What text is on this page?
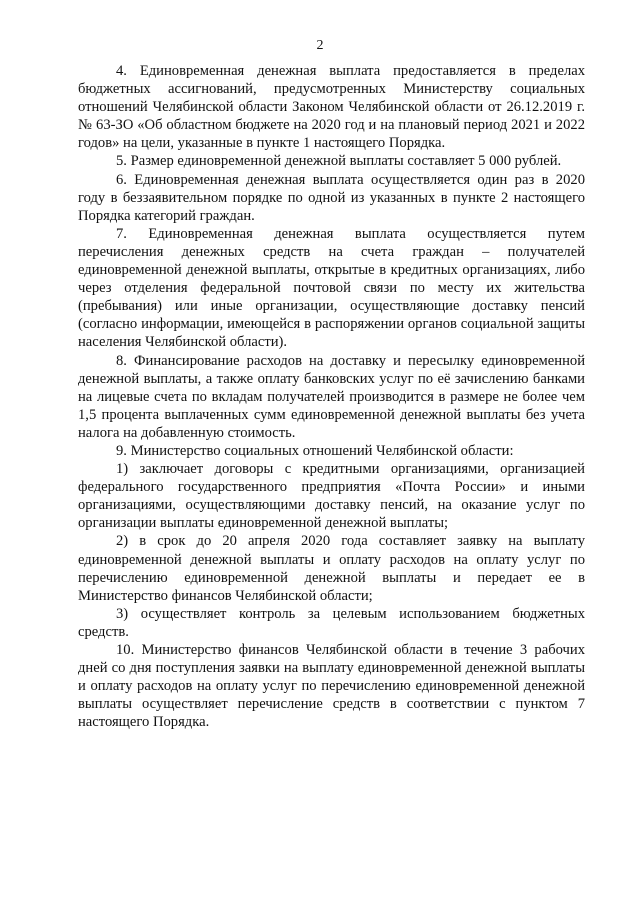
2

4. Единовременная денежная выплата предоставляется в пределах бюджетных ассигнований, предусмотренных Министерству социальных отношений Челябинской области Законом Челябинской области от 26.12.2019 г. № 63-ЗО «Об областном бюджете на 2020 год и на плановый период 2021 и 2022 годов» на цели, указанные в пункте 1 настоящего Порядка.

5. Размер единовременной денежной выплаты составляет 5 000 рублей.

6. Единовременная денежная выплата осуществляется один раз в 2020 году в беззаявительном порядке по одной из указанных в пункте 2 настоящего Порядка категорий граждан.

7. Единовременная денежная выплата осуществляется путем перечисления денежных средств на счета граждан – получателей единовременной денежной выплаты, открытые в кредитных организациях, либо через отделения федеральной почтовой связи по месту их жительства (пребывания) или иные организации, осуществляющие доставку пенсий (согласно информации, имеющейся в распоряжении органов социальной защиты населения Челябинской области).

8. Финансирование расходов на доставку и пересылку единовременной денежной выплаты, а также оплату банковских услуг по её зачислению банками на лицевые счета по вкладам получателей производится в размере не более чем 1,5 процента выплаченных сумм единовременной денежной выплаты без учета налога на добавленную стоимость.

9. Министерство социальных отношений Челябинской области:

1) заключает договоры с кредитными организациями, организацией федерального государственного предприятия «Почта России» и иными организациями, осуществляющими доставку пенсий, на оказание услуг по организации выплаты единовременной денежной выплаты;

2) в срок до 20 апреля 2020 года составляет заявку на выплату единовременной денежной выплаты и оплату расходов на оплату услуг по перечислению единовременной денежной выплаты и передает ее в Министерство финансов Челябинской области;

3) осуществляет контроль за целевым использованием бюджетных средств.

10. Министерство финансов Челябинской области в течение 3 рабочих дней со дня поступления заявки на выплату единовременной денежной выплаты и оплату расходов на оплату услуг по перечислению единовременной денежной выплаты осуществляет перечисление средств в соответствии с пунктом 7 настоящего Порядка.
